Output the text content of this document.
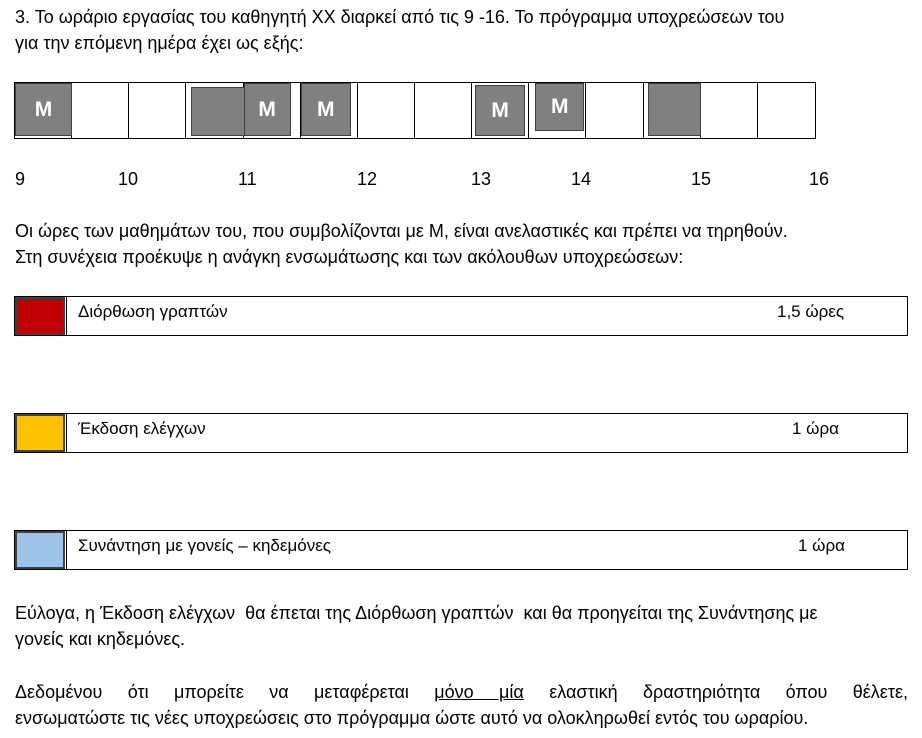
3. Το ωράριο εργασίας του καθηγητή ΧΧ διαρκεί από τις 9 -16. Το πρόγραμμα υποχρεώσεων του
για την επόμενη ημέρα έχει ως εξής:

Μ	Μ	Μ	Μ	Μ
9	10	11	12	13	14	15	16

Οι ώρες των μαθημάτων του, που συμβολίζονται με Μ, είναι ανελαστικές και πρέπει να τηρηθούν.
Στη συνέχεια προέκυψε η ανάγκη ενσωμάτωσης και των ακόλουθων υποχρεώσεων:

Διόρθωση γραπτών	1,5 ώρες
Έκδοση ελέγχων	1 ώρα
Συνάντηση με γονείς – κηδεμόνες	1 ώρα

Εύλογα, η Έκδοση ελέγχων  θα έπεται της Διόρθωση γραπτών  και θα προηγείται της Συνάντησης με
γονείς και κηδεμόνες.

Δεδομένου ότι μπορείτε να μεταφέρεται μόνο μία ελαστική δραστηριότητα όπου θέλετε,

ενσωματώστε τις νέες υποχρεώσεις στο πρόγραμμα ώστε αυτό να ολοκληρωθεί εντός του ωραρίου.
